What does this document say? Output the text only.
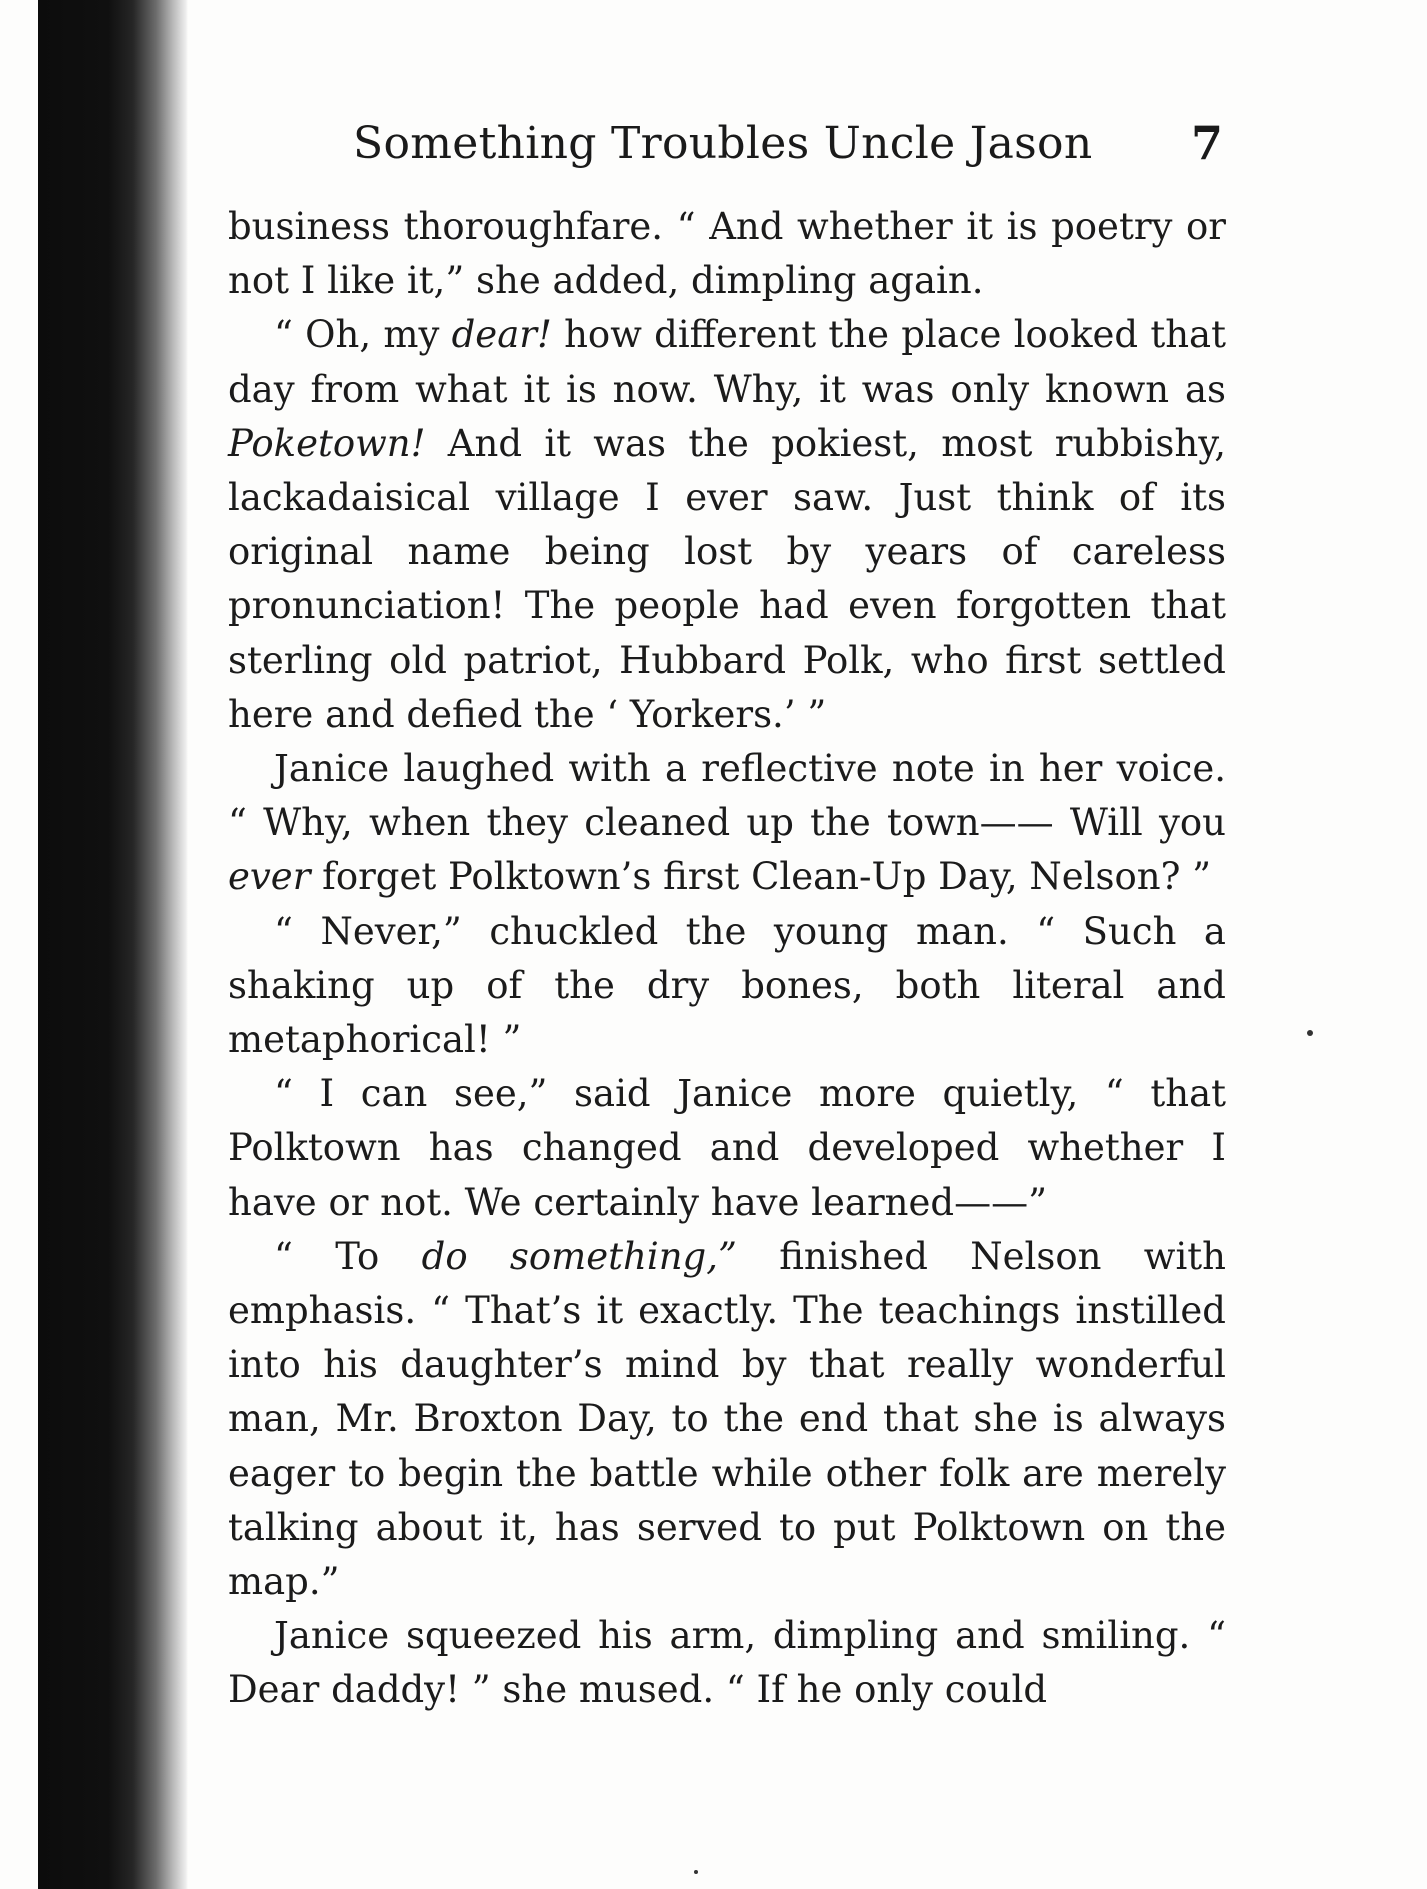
Something Troubles Uncle Jason 7

business thoroughfare. “ And whether it is poetry or not I like it,” she added, dimpling again.

“ Oh, my dear! how different the place looked that day from what it is now. Why, it was only known as Poketown! And it was the pokiest, most rubbishy, lackadaisical village I ever saw. Just think of its original name being lost by years of careless pronunciation! The people had even forgotten that sterling old patriot, Hubbard Polk, who first settled here and defied the ‘ Yorkers.’ ”

Janice laughed with a reflective note in her voice. “ Why, when they cleaned up the town—— Will you ever forget Polktown’s first Clean-Up Day, Nelson? ”

“ Never,” chuckled the young man. “ Such a shaking up of the dry bones, both literal and metaphorical! ”

“ I can see,” said Janice more quietly, “ that Polktown has changed and developed whether I have or not. We certainly have learned——”

“ To do something,” finished Nelson with emphasis. “ That’s it exactly. The teachings instilled into his daughter’s mind by that really wonderful man, Mr. Broxton Day, to the end that she is always eager to begin the battle while other folk are merely talking about it, has served to put Polktown on the map.”

Janice squeezed his arm, dimpling and smiling. “ Dear daddy! ” she mused. “ If he only could
